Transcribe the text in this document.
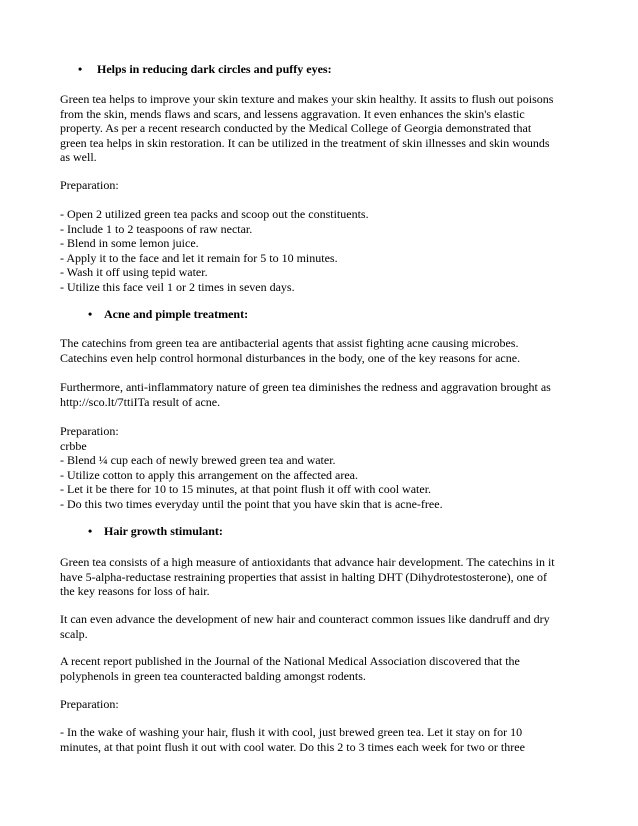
• Helps in reducing dark circles and puffy eyes:

Green tea helps to improve your skin texture and makes your skin healthy. It assits to flush out poisons
from the skin, mends flaws and scars, and lessens aggravation. It even enhances the skin's elastic
property. As per a recent research conducted by the Medical College of Georgia demonstrated that
green tea helps in skin restoration. It can be utilized in the treatment of skin illnesses and skin wounds
as well.

Preparation:

- Open 2 utilized green tea packs and scoop out the constituents.
- Include 1 to 2 teaspoons of raw nectar.
- Blend in some lemon juice.
- Apply it to the face and let it remain for 5 to 10 minutes.
- Wash it off using tepid water.
- Utilize this face veil 1 or 2 times in seven days.

• Acne and pimple treatment:

The catechins from green tea are antibacterial agents that assist fighting acne causing microbes.
Catechins even help control hormonal disturbances in the body, one of the key reasons for acne.

Furthermore, anti-inflammatory nature of green tea diminishes the redness and aggravation brought as
http://sco.lt/7ttiITa result of acne.

Preparation:
crbbe
- Blend ¼ cup each of newly brewed green tea and water.
- Utilize cotton to apply this arrangement on the affected area.
- Let it be there for 10 to 15 minutes, at that point flush it off with cool water.
- Do this two times everyday until the point that you have skin that is acne-free.

• Hair growth stimulant:

Green tea consists of a high measure of antioxidants that advance hair development. The catechins in it
have 5-alpha-reductase restraining properties that assist in halting DHT (Dihydrotestosterone), one of
the key reasons for loss of hair.

It can even advance the development of new hair and counteract common issues like dandruff and dry
scalp.

A recent report published in the Journal of the National Medical Association discovered that the
polyphenols in green tea counteracted balding amongst rodents.

Preparation:

- In the wake of washing your hair, flush it with cool, just brewed green tea. Let it stay on for 10
minutes, at that point flush it out with cool water. Do this 2 to 3 times each week for two or three
